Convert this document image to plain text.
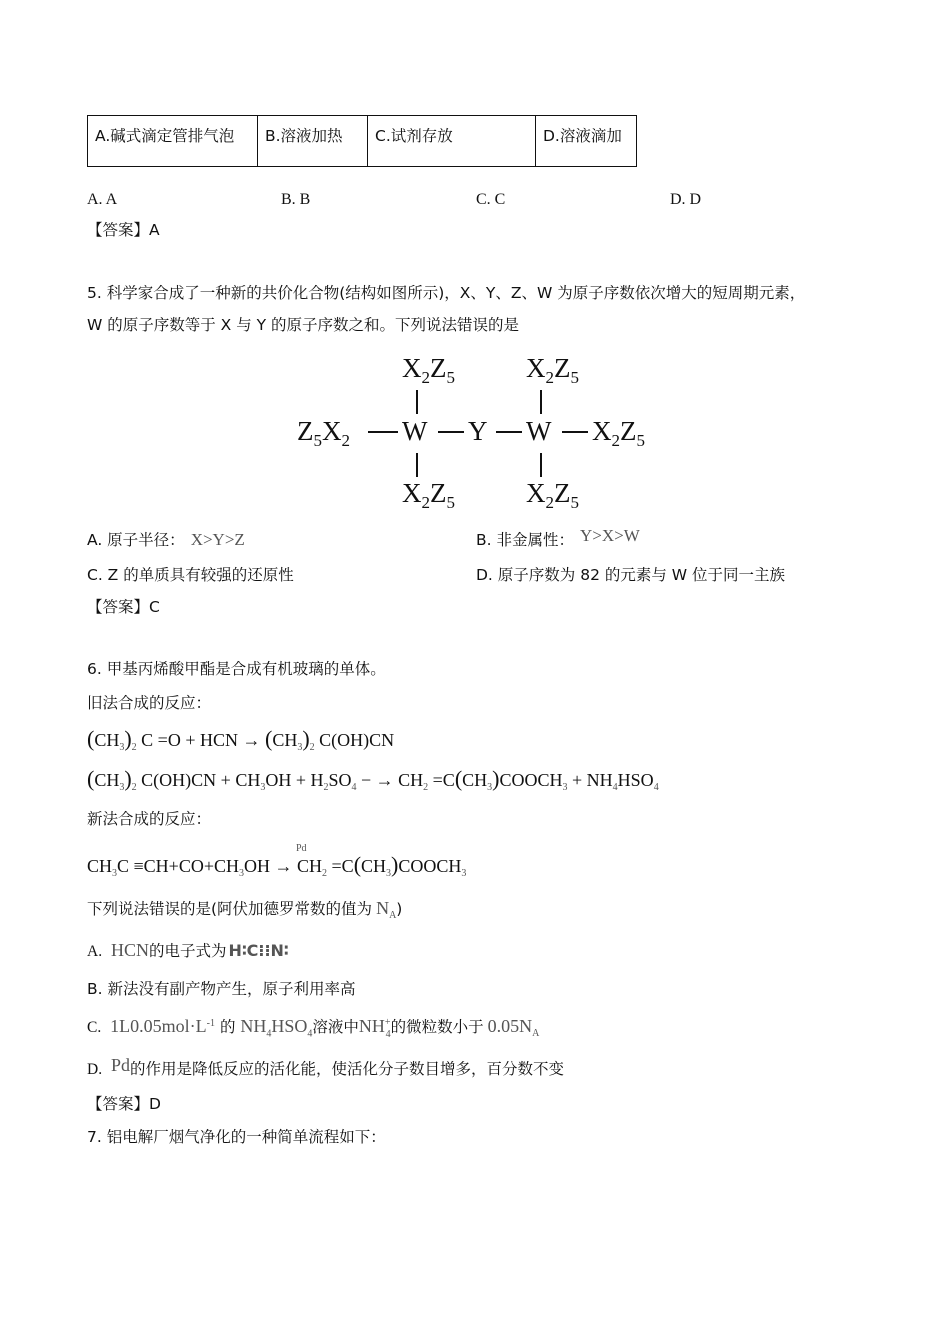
A.碱式滴定管排气泡	B.溶液加热	C.试剂存放	D.溶液滴加
A. A	B. B	C. C	D. D
【答案】A
5. 科学家合成了一种新的共价化合物(结构如图所示)，X、Y、Z、W 为原子序数依次增大的短周期元素，
W 的原子序数等于 X 与 Y 的原子序数之和。下列说法错误的是
$X_2Z_5$	$X_2Z_5$
$Z_5X_2$ W Y W $X_2Z_5$
$X_2Z_5$	$X_2Z_5$
A. 原子半径： X>Y>Z	B. 非金属性： Y>X>W
C. Z 的单质具有较强的还原性	D. 原子序数为 82 的元素与 W 位于同一主族
【答案】C
6. 甲基丙烯酸甲酯是合成有机玻璃的单体。
旧法合成的反应：
$(CH_3)_2$ C =O + HCN → $(CH_3)_2$ C(OH)CN
$(CH_3)_2$ $C(OH)CN + CH_3OH + H_2SO_4$ − → $CH_2$ $=C(CH_3)COOCH_3 + NH_4HSO_4$
新法合成的反应：
Pd
$CH_3C \equiv CH+CO+CH_3OH \to CH_2$ $=C(CH_3)COOCH_3$
下列说法错误的是(阿伏加德罗常数的值为 $N_A$)
A. HCN的电子式为 H∶C⁝⁝N∶
B. 新法没有副产物产生，原子利用率高
C. $1L0.05mol\cdot L^{-1}$ 的 $NH_4HSO_4$溶液中$NH^+_4$的微粒数小于 $0.05N_A$
D. Pd的作用是降低反应的活化能，使活化分子数目增多，百分数不变
【答案】D
7. 铝电解厂烟气净化的一种简单流程如下：
